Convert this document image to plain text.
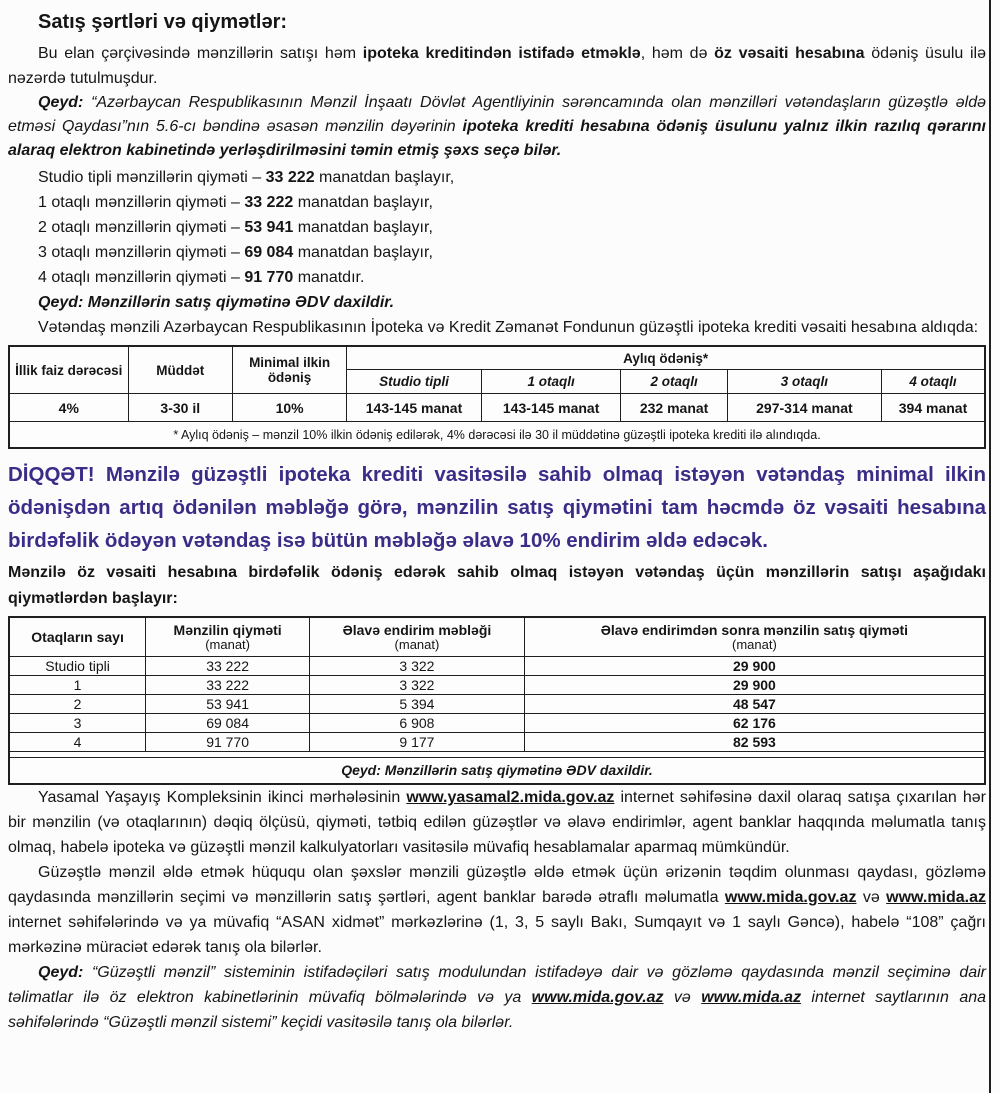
Satış şərtləri və qiymətlər:

Bu elan çərçivəsində mənzillərin satışı həm ipoteka kreditindən istifadə etməklə, həm də öz vəsaiti hesabına ödəniş üsulu ilə nəzərdə tutulmuşdur.

Qeyd: “Azərbaycan Respublikasının Mənzil İnşaatı Dövlət Agentliyinin sərəncamında olan mənzilləri vətəndaşların güzəştlə əldə etməsi Qaydası”nın 5.6-cı bəndinə əsasən mənzilin dəyərinin ipoteka krediti hesabına ödəniş üsulunu yalnız ilkin razılıq qərarını alaraq elektron kabinetində yerləşdirilməsini təmin etmiş şəxs seçə bilər.

Studio tipli mənzillərin qiyməti – 33 222 manatdan başlayır,

1 otaqlı mənzillərin qiyməti – 33 222 manatdan başlayır,

2 otaqlı mənzillərin qiyməti – 53 941 manatdan başlayır,

3 otaqlı mənzillərin qiyməti – 69 084 manatdan başlayır,

4 otaqlı mənzillərin qiyməti – 91 770 manatdır.

Qeyd: Mənzillərin satış qiymətinə ƏDV daxildir.

Vətəndaş mənzili Azərbaycan Respublikasının İpoteka və Kredit Zəmanət Fondunun güzəştli ipoteka krediti vəsaiti hesabına aldıqda:

İllik faiz dərəcəsi	Müddət	Minimal ilkin ödəniş	Aylıq ödəniş*				
			Studio tipli	1 otaqlı	2 otaqlı	3 otaqlı	4 otaqlı
4%	3-30 il	10%	143-145 manat	143-145 manat	232 manat	297-314 manat	394 manat
* Aylıq ödəniş – mənzil 10% ilkin ödəniş edilərək, 4% dərəcəsi ilə 30 il müddətinə güzəştli ipoteka krediti ilə alındıqda.							

DİQQƏT! Mənzilə güzəştli ipoteka krediti vasitəsilə sahib olmaq istəyən vətəndaş minimal ilkin ödənişdən artıq ödənilən məbləğə görə, mənzilin satış qiymətini tam həcmdə öz vəsaiti hesabına birdəfəlik ödəyən vətəndaş isə bütün məbləğə əlavə 10% endirim əldə edəcək.

Mənzilə öz vəsaiti hesabına birdəfəlik ödəniş edərək sahib olmaq istəyən vətəndaş üçün mənzillərin satışı aşağıdakı qiymətlərdən başlayır:

Otaqların sayı	Mənzilin qiyməti
(manat)

Əlavə endirim məbləği
(manat)

Əlavə endirimdən sonra mənzilin satış qiyməti
(manat)

Studio tipli	33 222	3 322	29 900
1	33 222	3 322	29 900
2	53 941	5 394	48 547
3	69 084	6 908	62 176
4	91 770	9 177	82 593

Qeyd: Mənzillərin satış qiymətinə ƏDV daxildir.			

Yasamal Yaşayış Kompleksinin ikinci mərhələsinin www.yasamal2.mida.gov.az internet səhifəsinə daxil olaraq satışa çıxarılan hər bir mənzilin (və otaqlarının) dəqiq ölçüsü, qiyməti, tətbiq edilən güzəştlər və əlavə endirimlər, agent banklar haqqında məlumatla tanış olmaq, habelə ipoteka və güzəştli mənzil kalkulyatorları vasitəsilə müvafiq hesablamalar aparmaq mümkündür.

Güzəştlə mənzil əldə etmək hüququ olan şəxslər mənzili güzəştlə əldə etmək üçün ərizənin təqdim olunması qaydası, gözləmə qaydasında mənzillərin seçimi və mənzillərin satış şərtləri, agent banklar barədə ətraflı məlumatla www.mida.gov.az və www.mida.az internet səhifələrində və ya müvafiq “ASAN xidmət” mərkəzlərinə (1, 3, 5 saylı Bakı, Sumqayıt və 1 saylı Gəncə), habelə “108” çağrı mərkəzinə müraciət edərək tanış ola bilərlər.

Qeyd: “Güzəştli mənzil” sisteminin istifadəçiləri satış modulundan istifadəyə dair və gözləmə qaydasında mənzil seçiminə dair təlimatlar ilə öz elektron kabinetlərinin müvafiq bölmələrində və ya www.mida.gov.az və www.mida.az internet saytlarının ana səhifələrində “Güzəştli mənzil sistemi” keçidi vasitəsilə tanış ola bilərlər.
